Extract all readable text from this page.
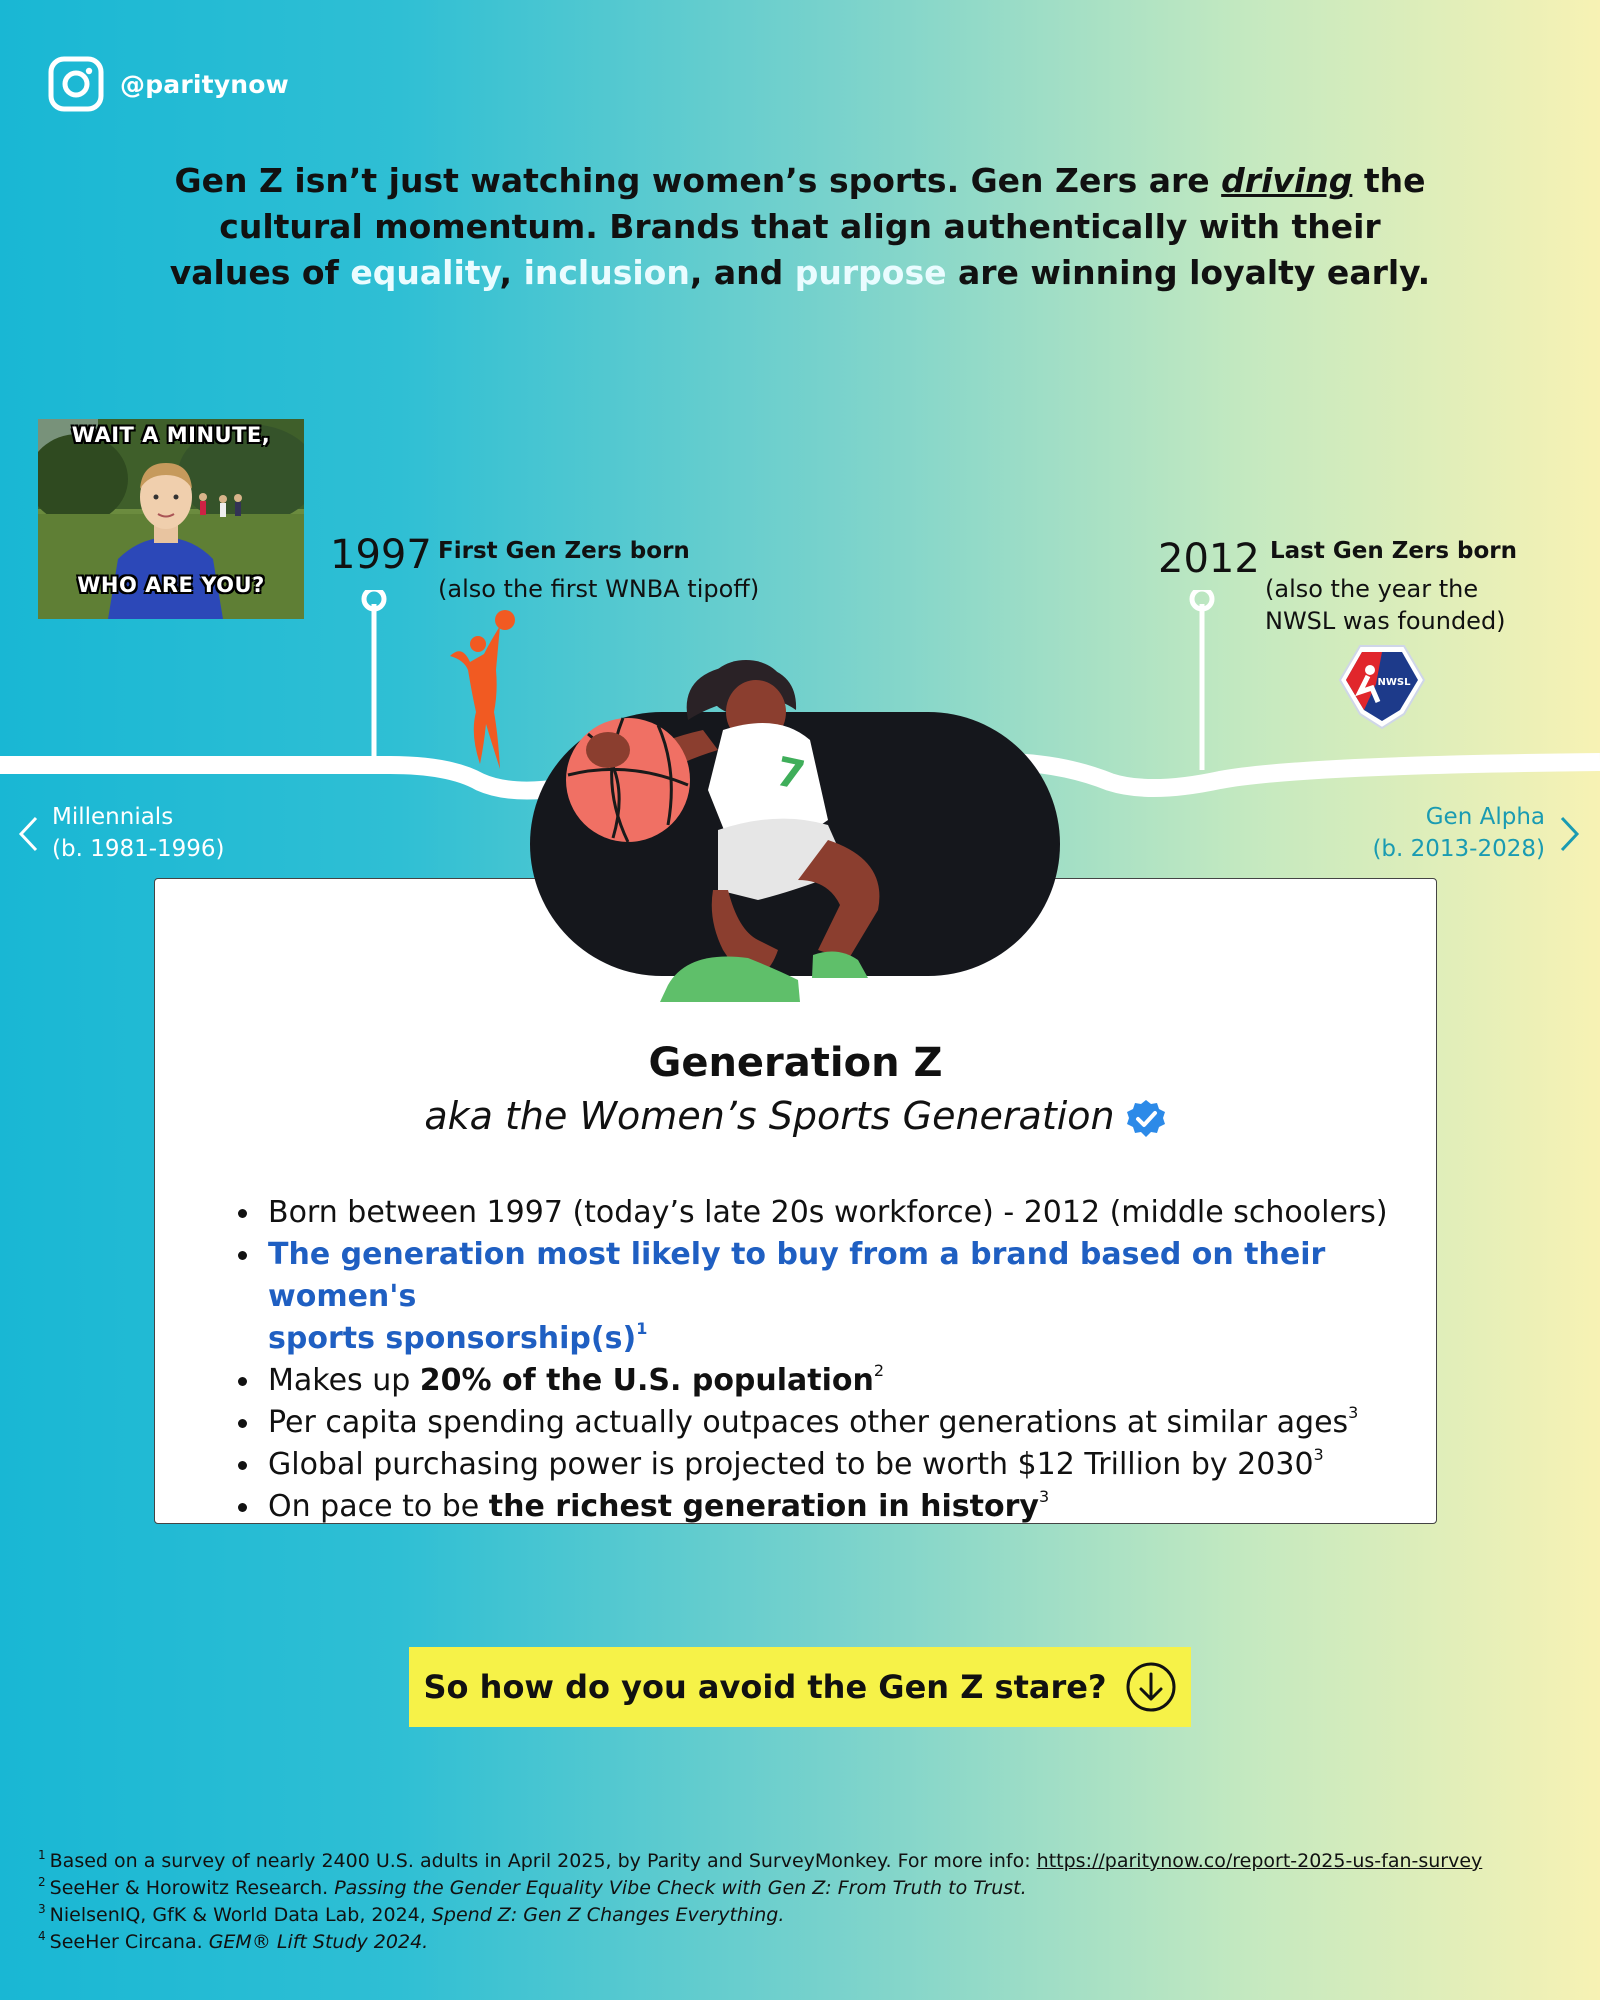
@paritynow
Gen Z isn’t just watching women’s sports. Gen Zers are driving the cultural momentum. Brands that align authentically with their values of equality, inclusion, and purpose are winning loyalty early.
WAIT A MINUTE,
WHO ARE YOU?
1997 First Gen Zers born
(also the first WNBA tipoff)
2012 Last Gen Zers born
(also the year the
NWSL was founded)
NWSL
Millennials
(b. 1981-1996)
Gen Alpha
(b. 2013-2028)
7
Generation Z
aka the Women’s Sports Generation
Born between 1997 (today’s late 20s workforce) - 2012 (middle schoolers)
The generation most likely to buy from a brand based on their women's
sports $sponsorship(s)^1$
Makes up 20% of the U.S. population$^2$
Per capita spending actually outpaces other generations at similar ages$^3$
Global purchasing power is projected to be worth $12 Trillion by 2030$^3$
On pace to be the richest generation in history$^3$
So how do you avoid the Gen Z stare?
$^1$ Based on a survey of nearly 2400 U.S. adults in April 2025, by Parity and SurveyMonkey. For more info: https://paritynow.co/report-2025-us-fan-survey
$^2$ SeeHer & Horowitz Research. Passing the Gender Equality Vibe Check with Gen Z: From Truth to Trust.
$^3$ NielsenIQ, GfK & World Data Lab, 2024, Spend Z: Gen Z Changes Everything.
$^4$ SeeHer Circana. GEM® Lift Study 2024.
